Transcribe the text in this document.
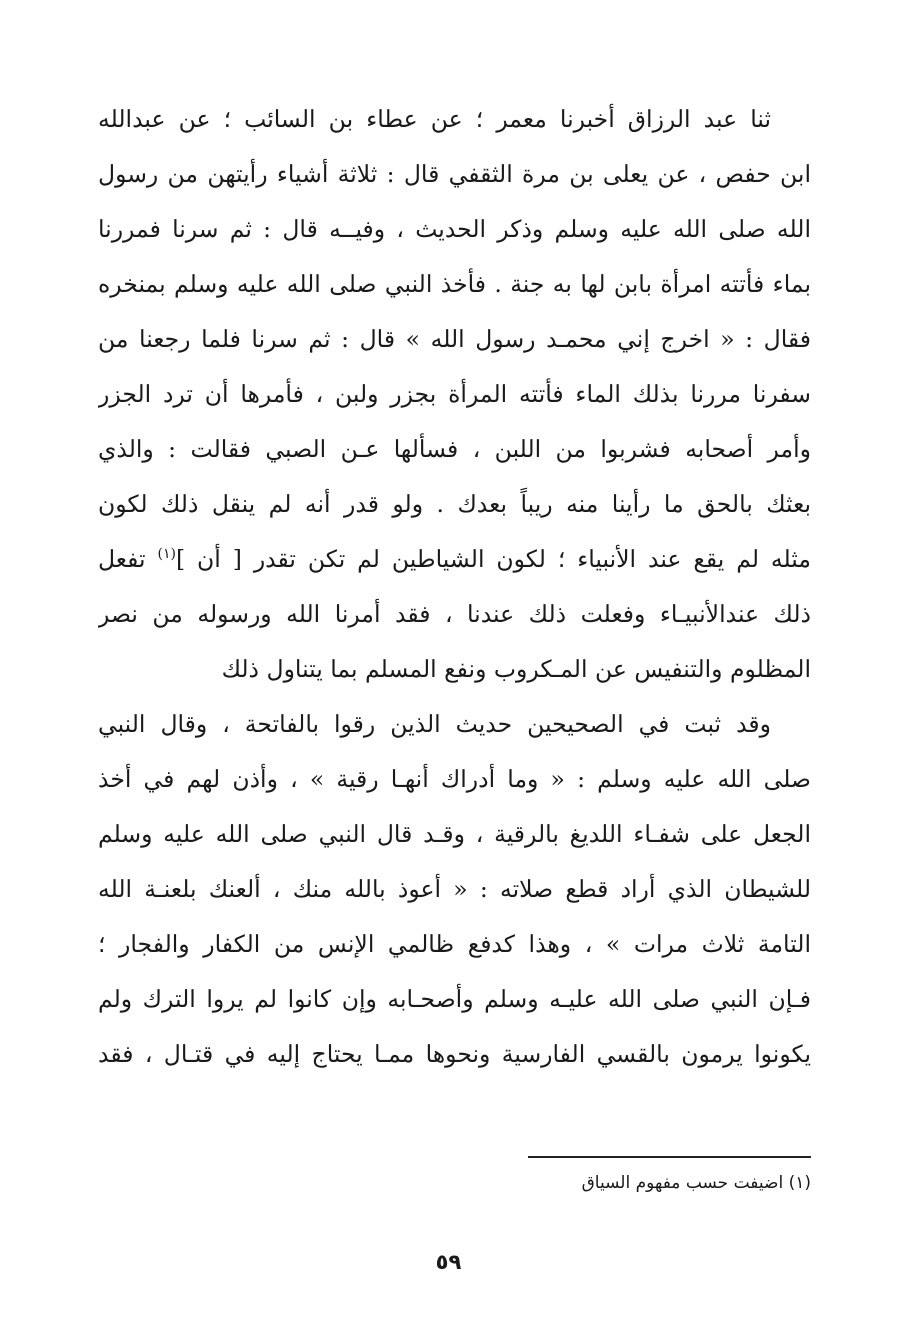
ثنا عبد الرزاق أخبرنا معمر ؛ عن عطاء بن السائب ؛ عن عبدالله
ابن حفص ، عن يعلى بن مرة الثقفي قال : ثلاثة أشياء رأيتهن من رسول
الله صلى الله عليه وسلم وذكر الحديث ، وفيــه قال : ثم سرنا فمررنا
بماء فأتته امرأة بابن لها به جنة . فأخذ النبي صلى الله عليه وسلم بمنخره
فقال : « اخرج إني محمـد رسول الله » قال : ثم سرنا فلما رجعنا من
سفرنا مررنا بذلك الماء فأتته المرأة بجزر ولبن ، فأمرها أن ترد الجزر
وأمر أصحابه فشربوا من اللبن ، فسألها عـن الصبي فقالت : والذي
بعثك بالحق ما رأينا منه ريباً بعدك . ولو قدر أنه لم ينقل ذلك لكون
مثله لم يقع عند الأنبياء ؛ لكون الشياطين لم تكن تقدر [ أن ]$^{(١)}$ تفعل
ذلك عندالأنبيـاء وفعلت ذلك عندنا ، فقد أمرنا الله ورسوله من نصر
المظلوم والتنفيس عن المـكروب ونفع المسلم بما يتناول ذلك
وقد ثبت في الصحيحين حديث الذين رقوا بالفاتحة ، وقال النبي
صلى الله عليه وسلم : « وما أدراك أنهـا رقية » ، وأذن لهم في أخذ
الجعل على شفـاء اللديغ بالرقية ، وقـد قال النبي صلى الله عليه وسلم
للشيطان الذي أراد قطع صلاته : « أعوذ بالله منك ، ألعنك بلعنـة الله
التامة ثلاث مرات » ، وهذا كدفع ظالمي الإنس من الكفار والفجار ؛
فـإن النبي صلى الله عليـه وسلم وأصحـابه وإن كانوا لم يروا الترك ولم
يكونوا يرمون بالقسي الفارسية ونحوها ممـا يحتاج إليه في قتـال ، فقد
(١) اضيفت حسب مفهوم السياق
٥٩
